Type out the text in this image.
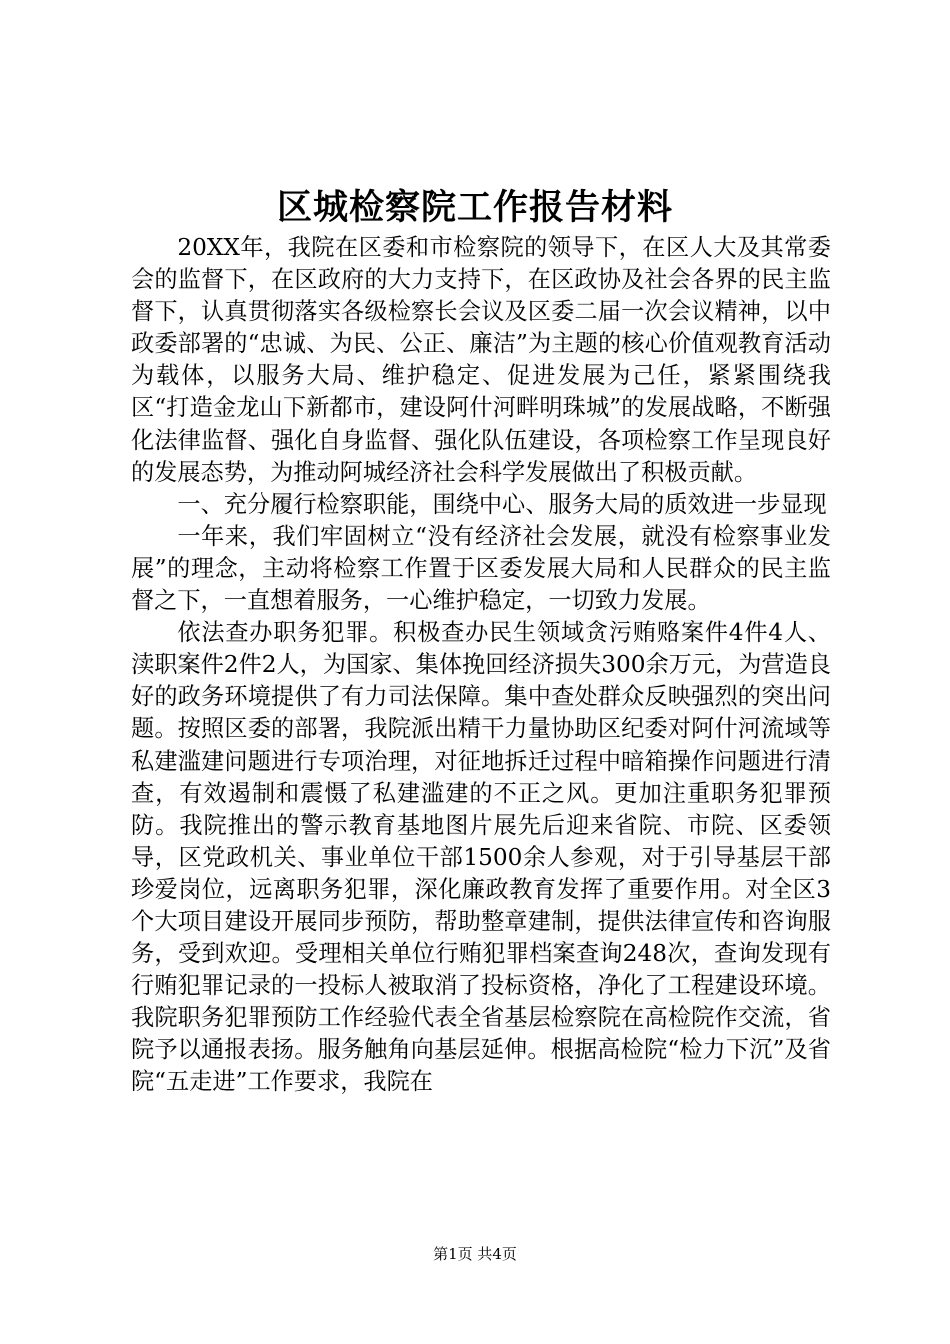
区城检察院工作报告材料

20XX年，我院在区委和市检察院的领导下，在区人大及其常委会的监督下，在区政府的大力支持下，在区政协及社会各界的民主监督下，认真贯彻落实各级检察长会议及区委二届一次会议精神，以中政委部署的“忠诚、为民、公正、廉洁”为主题的核心价值观教育活动为载体，以服务大局、维护稳定、促进发展为己任，紧紧围绕我区“打造金龙山下新都市，建设阿什河畔明珠城”的发展战略，不断强化法律监督、强化自身监督、强化队伍建设，各项检察工作呈现良好的发展态势，为推动阿城经济社会科学发展做出了积极贡献。

一、充分履行检察职能，围绕中心、服务大局的质效进一步显现

一年来，我们牢固树立“没有经济社会发展，就没有检察事业发展”的理念，主动将检察工作置于区委发展大局和人民群众的民主监督之下，一直想着服务，一心维护稳定，一切致力发展。

依法查办职务犯罪。积极查办民生领域贪污贿赂案件4件4人、渎职案件2件2人，为国家、集体挽回经济损失300余万元，为营造良好的政务环境提供了有力司法保障。集中查处群众反映强烈的突出问题。按照区委的部署，我院派出精干力量协助区纪委对阿什河流域等私建滥建问题进行专项治理，对征地拆迁过程中暗箱操作问题进行清查，有效遏制和震慑了私建滥建的不正之风。更加注重职务犯罪预防。我院推出的警示教育基地图片展先后迎来省院、市院、区委领导，区党政机关、事业单位干部1500余人参观，对于引导基层干部珍爱岗位，远离职务犯罪，深化廉政教育发挥了重要作用。对全区3个大项目建设开展同步预防，帮助整章建制，提供法律宣传和咨询服务，受到欢迎。受理相关单位行贿犯罪档案查询248次，查询发现有行贿犯罪记录的一投标人被取消了投标资格，净化了工程建设环境。我院职务犯罪预防工作经验代表全省基层检察院在高检院作交流，省院予以通报表扬。服务触角向基层延伸。根据高检院“检力下沉”及省院“五走进”工作要求，我院在

第1页 共4页
